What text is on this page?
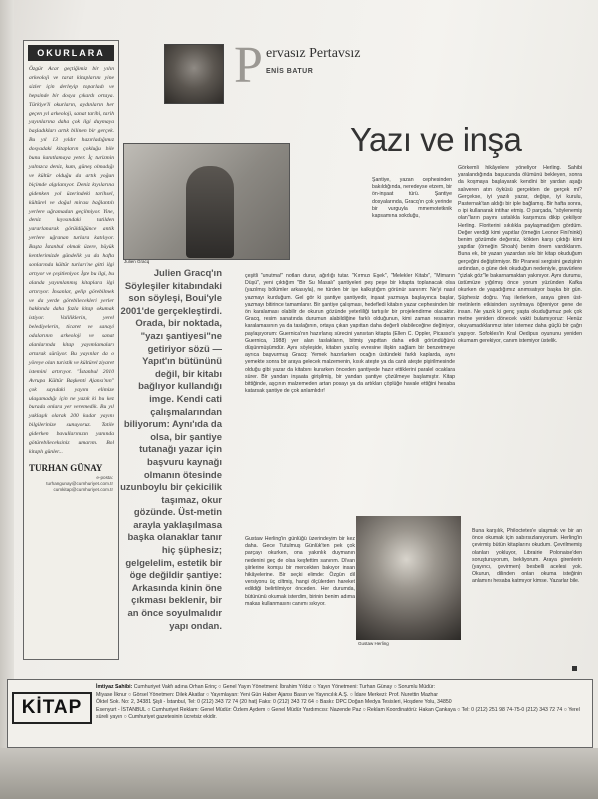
OKURLARA
Özgür Acar geçtiğimiz bir yılın arkeoloji ve tarat kitaplarını yine sizler için derleyip toparladı ve hepsinde bir dosya çıkardı ortaya. Türkiye'li okurların, aydınların her geçen yıl arkeoloji, sanat tarihi, tarih yayınlarına daha çok ilgi duymaya başladıkları artık bilinen bir gerçek. Bu yıl 13 yıldır hazırladığımız dosyadaki kitapların çokluğu bile bunu kanıtlamaya yeter. İç turizmin yalnızca deniz, kum, güneş olmadığı ve kültür olduğu da artık yoğun biçimde algılanıyor. Deniz kıyılarına gidenken yol üzerindeki tarihsel, kültürel ve doğal mirası bağlantılı yerlere uğramadan geçilmiyor. Yine, deniz kıyısındaki tatilden yararlanarak görüldüğünce antik yerlere uğranan turlara katılıyor. Başta İstanbul olmak üzere, büyük kentlerimizde gündelik ya da hafta sonlarında kültür turları'ne gitti ilgi artıyor ve çeşitleniyor. İşte bu ilgi, bu alanda yayımlanmış kitaplara ilgi artırıyor. İnsanlar, gelip görebilmek ve da yerde görebilecekleri yerler hakkında daha fazla kitap okumak istiyor. Valiliklerin, yerel belediyelerin, ticaret ve sanayi odalarının arkeoloji ve sanat alanlarında kitap yayımlamaları artarak sürüyor. Bu yayınlar da o yöreye olan turistik ve kültürel ziyaret istemini artırıyor. "İstanbul 2010 Avrupa Kültür Başkenti Ajansı'nın" çok sayıdaki yayını elimize ulaşamadığı için ne yazık ki bu kez burada onlara yer veremedik. Bu yıl yaklaşık olarak 200 kadar yayını bilgilerinize sunuyoruz. Tatile giderken bavullarınızın yanında götürebileceksiniz umarım. Bol kitaplı günler...
TURHAN GÜNAY
e-posta:
turhangunay@cumhuriyet.com.tr
cumkitap@cumhuriyet.com.tr
P ervasız Pertavsız
ENİS BATUR
Yazı ve inşa
Julien Gracq
Julien Gracq'ın Söyleşiler kitabındaki son söyleşi, Boui'yle 2001'de gerçekleştirdi. Orada, bir noktada, "yazı şantiyesi"ne getiriyor sözü — Yapıt'ın bütününü değil, bir kitabı bağlıyor kullandığı imge. Kendi cati çalışmalarından biliyorum: Aynı'ıda da olsa, bir şantiye tutanağı yazar için başvuru kaynağı olmanın ötesinde uzunboylu bir çekicilik taşımaz, okur gözünde. Üst-metin arayla yaklaşılmasa başka olanaklar tanır hiç şüphesiz; gelgelelim, estetik bir öge değildir şantiye: Arkasında kinin öne çıkması beklenir, bir an önce soyulmalıdır yapı ondan.
Şantiye, yazan cephesinden bakıldığında, neredeyse etzem, bir ön-inşaat türü. Şantiye dosyalarında, Gracq'ın çok yerinde bir vurguyla mmemotetknik kapsamına sokduğu,
çeşitli "unutma!" notları durur, ağırlığı tutar. "Kırmızı Eşek", "Melekler Kitabı", "Mimarın Düşü", yeni çıktığım "Bir Su Masalı" şantiyeleri peş peşe bir kitapta toplanacak olsa (yazılmış bölümler arkasıyla), ne türden bir işe kalkıştığım görünür sanırım: Ne'yi nasıl yazmayı kurduğum. Gel gör ki şantiye şantiyedir, inşaat yazmaya başlayınca başlar, yazmayı bitirince tamamlanır. Bir şantiye çalışması, hedefledi kitabın yazar cephesinden bir ön karalaması olabilir de okurun gözünde yeterliliği tartışılır bir projelendirme olacaktır. Gracq, resim sanatında durumun alabildiğine farklı olduğunun, kimi zaman ressamın karalamasının ya da taslağının, ortaya çıkan yapıttan daha değerli olabileceğine değiniyor, paylaşıyorum: Guernica'nın hazırlanış sürecini yansıtan kitapta (Ellen C. Oppler, Picasso's Guernica, 1988) yer alan taslakların, bitmiş yapıttan daha etkili göründüğünü düşünmüşümdür. Aynı söyleşide, kitabın yazılış evresine ilişkin sağlam bir benzetmeye ayrıca başvurmuş Gracq: Yemek hazırlarken ocağın üstündeki farklı kaplarda, aynı yemekte sonra bir araya gelecek malzemenin, kısık ateşte ya da canlı ateşte pişirilmesinde olduğu gibi yazar da kitabını kurarken önceden şantiyede hazır ettiklerini paralel ocaklara sürer. Bir yandan inşaata girişilmiş, bir yandan şantiye çözülmeye başlamıştır. Kitap bittiğinde, aşçının malzemeden artan posayı ya da artıkları çöplüğe havale ettiğini hesaba katarsak şantiye de çok anlamlıdır!
Gustaw Herling'in günlüğü üzerindeyim bir kez daha. Gece Tutulmuş Günlük'ten pek çok parçayı okurken, ona yakınlık duymanın nedenini geç de olsa keşfettim sanırım. Dîvan şiirlerine komşu bir mercekten bakıyor insan hikâyelerine. Bir seçki elimde: Özgün dil versiyonu üç ciltmiş, hangi ölçülerden hareket edildiği belirtilmiyor önceden. Her durumda, bütününü okumak isterdim, birinin benim adıma makas kullanmasını canımı sıkıyor.
Görkemli hikâyelere yöneliyor Herling. Sahibi yaralandığında başucunda ölümünü bekleyen, sonra da koşmaya başlayarak kendini bir yardan aşağı salıveren atın öyküsü gerçekten de gerçek mi? Gerçekse, iyi yazılı yazar, değişe, iyi kurulu, Pasternak'tan aldığı bir iple bağlamış. Bir hafta sonra, o ipi kullanarak intihar etmiş. O parçada, "söylenemiş olan"ların payını ustalıkla karşımıza dikip çekiliyor Herling. Floriterini sıkılıkla paylaşmadığım gördüm. Değer verdiği kimi yapıtlar (örneğin Leonor Fini'ninki) benim gözümde değersiz, kökten karşı çıktığı kimi yapıtlar (örneğin Shoah) benim önem vardıklarım. Buna ek, bir yazarı yazardan sıkı bir kitap okuduğum gerçeğini değiştirmiyor. Bir Piranesi sergisini gezişinin ardından, o güne dek okuduğun nedeniyle, gravürlere "çizlak göz"le bakarnamaktan yakınıyor. Aynı durumu, üstümüze yığılmış önce yorum yüzünden Kafka okurken de yaşadığımız anımsatıyor başka bir gün. Şüphesiz doğru. Yaş ilerlerken, araya giren üst-metinlerin etkisinden sıyrılmaya öğreniyor gene de insan. Ne yazık ki genç yaşta okuduğumuz pek çok metne yeniden dönecek vakti bulamıyoruz: Henüz okuyamadıklarımız ister istemez daha güçlü bir çağrı yapıyor. Sofokles'in Kral Oedipus oyununu yeniden okumam gerekiyor, canım istemiyor üstelik.
Buna karşılık, Philoctetes'e ulaşmak ve bir an önce okumak için sabırsızlanıyorum. Herling'in çevirmiş bütün kitaplarını okudum. Çevrilmemiş olanları yokluyor, Librairie Polonaise'den soruşturuyorum, bekliyorum. Araya girenlerin (yayıncı, çevirmen) besbelli acelesi yok. Okurun, dilinden onları okuma isteğinin anlamını hesaba katmıyor kimse. Yazarlar bile.
Gustaw Herling
KİTAP
İmtiyaz Sahibi: Cumhuriyet Vakfı adına Orhan Erinç ○ Genel Yayın Yönetmeni: İbrahim Yıldız ○ Yayın Yönetmeni: Turhan Günay ○ Sorumlu Müdür:
Miyase İlknur ○ Görsel Yönetmen: Dilek Akatlar ○ Yayımlayan: Yeni Gün Haber Ajansı Basın ve Yayıncılık A.Ş. ○ İdare Merkezi: Prof. Nurettin Mazhar
Öktel Sok. No: 2, 34381 Şişli - İstanbul, Tel: 0 (212) 343 72 74 (20 hat) Faks: 0 (212) 343 72 64 ○ Baskı: DPC Doğan Medya Tesisleri, Hoşdere Yolu, 34850
Esenyurt - İSTANBUL ○ Cumhuriyet Reklam: Genel Müdür: Özlem Aydem ○ Genel Müdür Yardımcısı: Nazende Paz ○ Reklam Koordinatörü: Hakan Çankaya ○ Tel: 0 (212) 251 98 74-75-0 (212) 343 72 74 ○ Yerel süreli yayın ○ Cumhuriyet gazetesinin ücretsiz ekidir.
